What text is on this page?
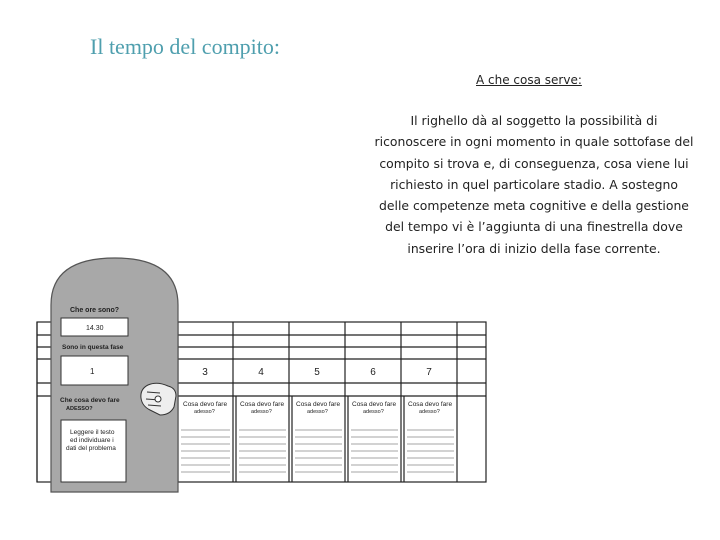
Il tempo del compito:
A che cosa serve:
Il righello dà al soggetto la possibilità di riconoscere in ogni momento in quale sottofase del compito si trova e, di conseguenza, cosa viene lui richiesto in quel particolare stadio. A sostegno delle competenze meta cognitive e della gestione del tempo vi è l’aggiunta di una finestrella dove inserire l’ora di inizio della fase corrente.
3	4	5	6	7
Cosa devo fare
adesso?
Cosa devo fare
adesso?
Cosa devo fare
adesso?
Cosa devo fare
adesso?
Cosa devo fare
adesso?
Che ore sono?
14.30
Sono in questa fase
1
Che cosa devo fare
ADESSO?
Leggere il testo
ed individuare i
dati del problema
